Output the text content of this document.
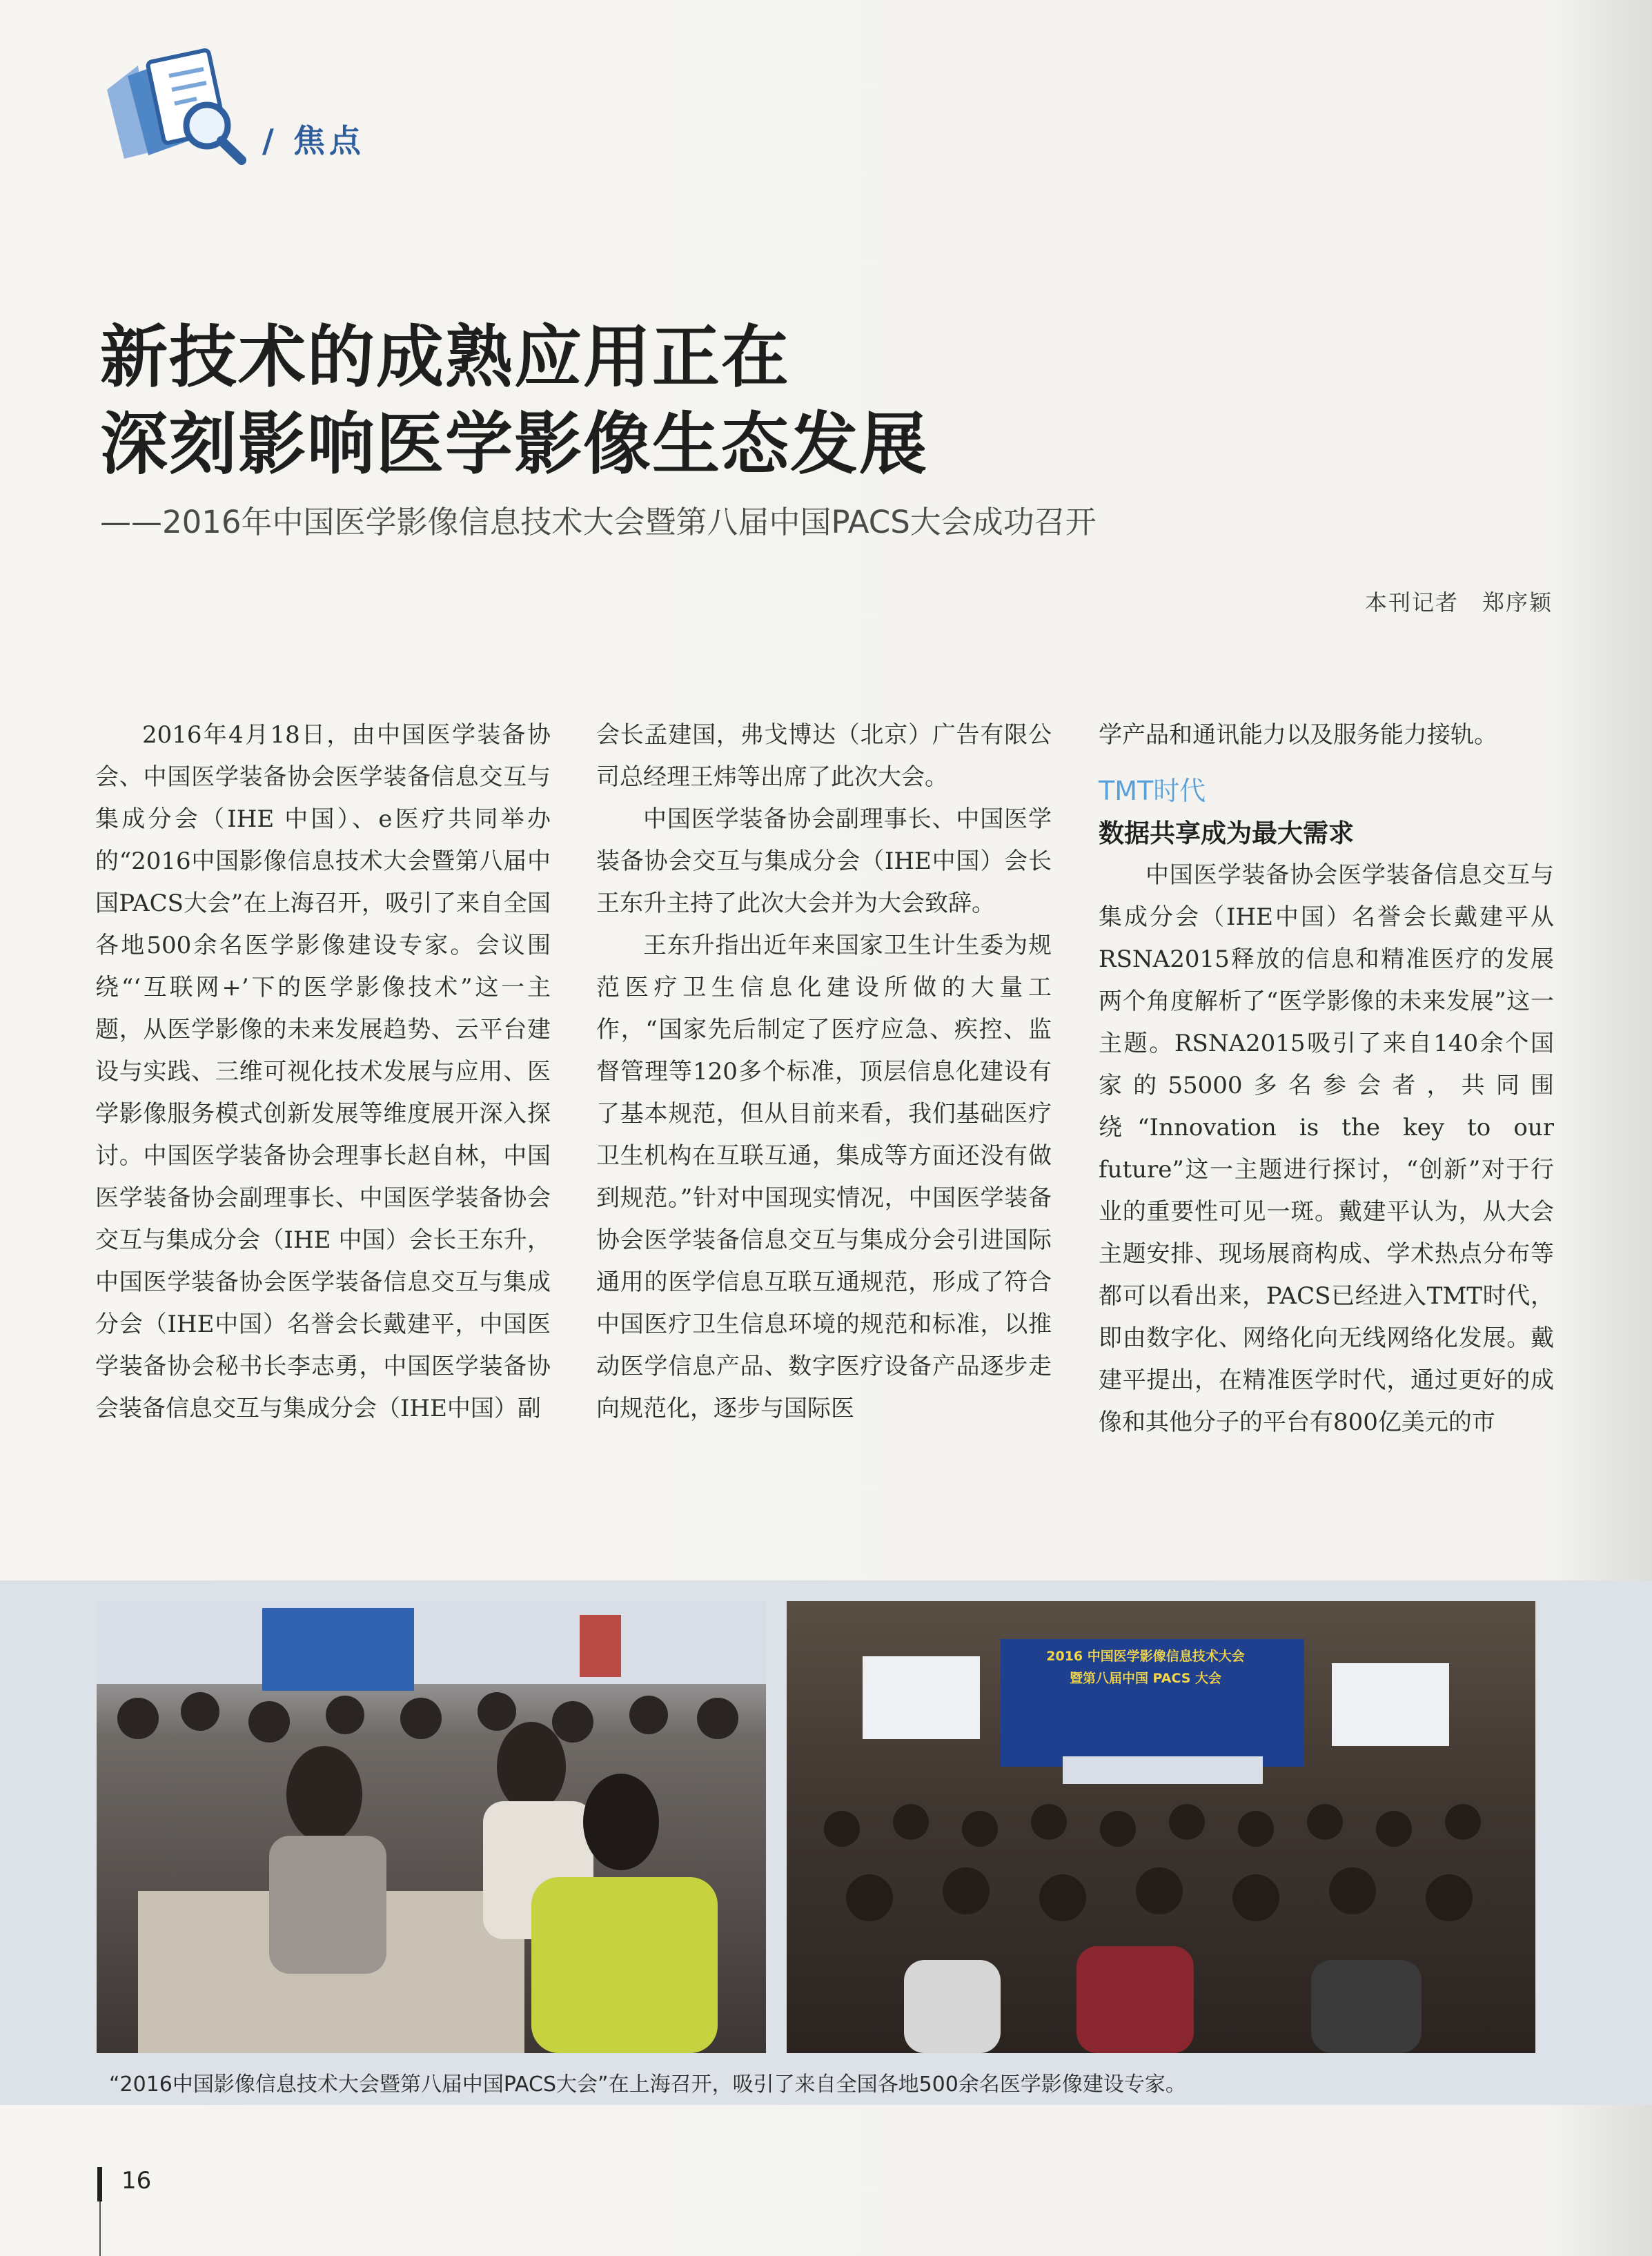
/ 焦点
新技术的成熟应用正在
深刻影响医学影像生态发展
——2016年中国医学影像信息技术大会暨第八届中国PACS大会成功召开
本刊记者　郑序颖

2016年4月18日，由中国医学装备协会、中国医学装备协会医学装备信息交互与集成分会（IHE 中国）、e医疗共同举办的“2016中国影像信息技术大会暨第八届中国PACS大会”在上海召开，吸引了来自全国各地500余名医学影像建设专家。会议围绕“‘互联网+’下的医学影像技术”这一主题，从医学影像的未来发展趋势、云平台建设与实践、三维可视化技术发展与应用、医学影像服务模式创新发展等维度展开深入探讨。中国医学装备协会理事长赵自林，中国医学装备协会副理事长、中国医学装备协会交互与集成分会（IHE 中国）会长王东升，中国医学装备协会医学装备信息交互与集成分会（IHE中国）名誉会长戴建平，中国医学装备协会秘书长李志勇，中国医学装备协会装备信息交互与集成分会（IHE中国）副

会长孟建国，弗戈博达（北京）广告有限公司总经理王炜等出席了此次大会。

中国医学装备协会副理事长、中国医学装备协会交互与集成分会（IHE中国）会长王东升主持了此次大会并为大会致辞。

王东升指出近年来国家卫生计生委为规范医疗卫生信息化建设所做的大量工作，“国家先后制定了医疗应急、疾控、监督管理等120多个标准，顶层信息化建设有了基本规范，但从目前来看，我们基础医疗卫生机构在互联互通，集成等方面还没有做到规范。”针对中国现实情况，中国医学装备协会医学装备信息交互与集成分会引进国际通用的医学信息互联互通规范，形成了符合中国医疗卫生信息环境的规范和标准，以推动医学信息产品、数字医疗设备产品逐步走向规范化，逐步与国际医

学产品和通讯能力以及服务能力接轨。

TMT时代
数据共享成为最大需求

中国医学装备协会医学装备信息交互与集成分会（IHE中国）名誉会长戴建平从RSNA2015释放的信息和精准医疗的发展两个角度解析了“医学影像的未来发展”这一主题。RSNA2015吸引了来自140余个国家的55000多名参会者，共同围绕“Innovation is the key to our future”这一主题进行探讨，“创新”对于行业的重要性可见一斑。戴建平认为，从大会主题安排、现场展商构成、学术热点分布等都可以看出来，PACS已经进入TMT时代，即由数字化、网络化向无线网络化发展。戴建平提出，在精准医学时代，通过更好的成像和其他分子的平台有800亿美元的市

2016 中国医学影像信息技术大会
暨第八届中国 PACS 大会
“2016中国影像信息技术大会暨第八届中国PACS大会”在上海召开，吸引了来自全国各地500余名医学影像建设专家。
16
